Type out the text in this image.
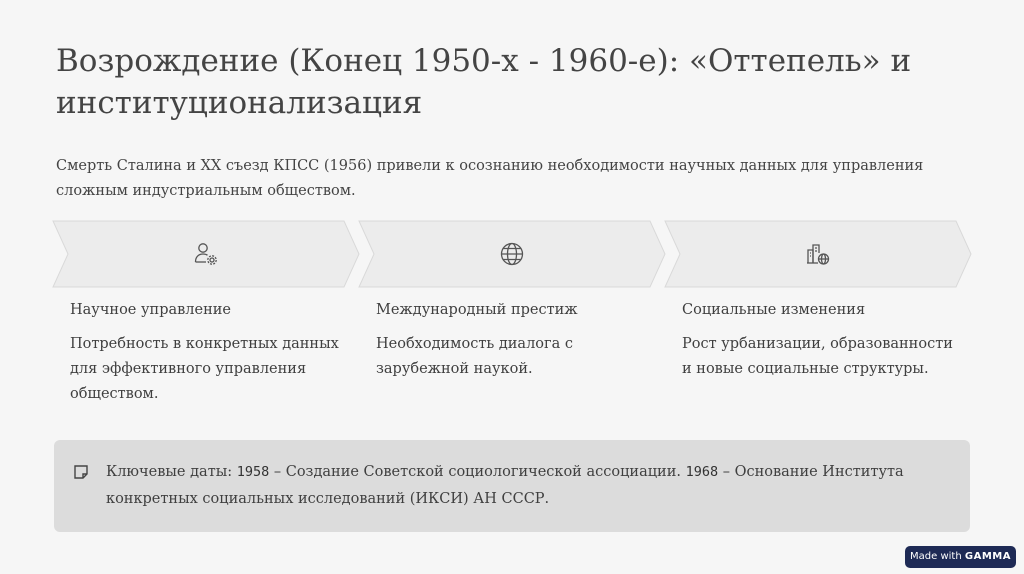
Возрождение (Конец 1950-х - 1960-е): «Оттепель» и институционализация
Смерть Сталина и XX съезд КПСС (1956) привели к осознанию необходимости научных данных для управления сложным индустриальным обществом.
Научное управление
Потребность в конкретных данных для эффективного управления обществом.
Международный престиж
Необходимость диалога с зарубежной наукой.
Социальные изменения
Рост урбанизации, образованности и новые социальные структуры.
Ключевые даты: 1958 – Создание Советской социологической ассоциации. 1968 – Основание Института конкретных социальных исследований (ИКСИ) АН СССР.
Made with GAMMA
